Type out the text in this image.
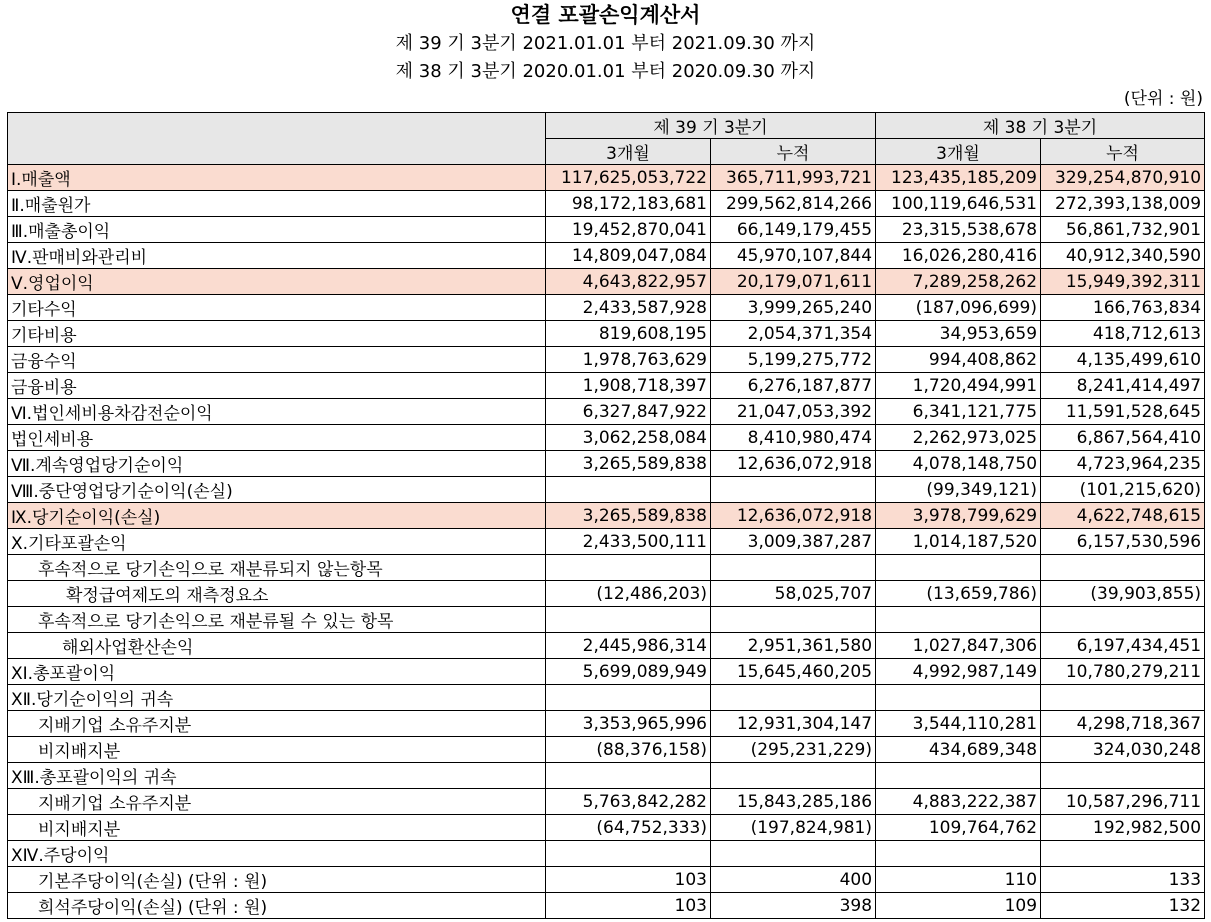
연결 포괄손익계산서
제 39 기 3분기 2021.01.01 부터 2021.09.30 까지
제 38 기 3분기 2020.01.01 부터 2020.09.30 까지
(단위 : 원)
	제 39 기 3분기		제 38 기 3분기	
	3개월	누적	3개월	누적
Ⅰ.매출액	117,625,053,722	365,711,993,721	123,435,185,209	329,254,870,910
Ⅱ.매출원가	98,172,183,681	299,562,814,266	100,119,646,531	272,393,138,009
Ⅲ.매출총이익	19,452,870,041	66,149,179,455	23,315,538,678	56,861,732,901
Ⅳ.판매비와관리비	14,809,047,084	45,970,107,844	16,026,280,416	40,912,340,590
Ⅴ.영업이익	4,643,822,957	20,179,071,611	7,289,258,262	15,949,392,311
기타수익	2,433,587,928	3,999,265,240	(187,096,699)	166,763,834
기타비용	819,608,195	2,054,371,354	34,953,659	418,712,613
금융수익	1,978,763,629	5,199,275,772	994,408,862	4,135,499,610
금융비용	1,908,718,397	6,276,187,877	1,720,494,991	8,241,414,497
Ⅵ.법인세비용차감전순이익	6,327,847,922	21,047,053,392	6,341,121,775	11,591,528,645
법인세비용	3,062,258,084	8,410,980,474	2,262,973,025	6,867,564,410
Ⅶ.계속영업당기순이익	3,265,589,838	12,636,072,918	4,078,148,750	4,723,964,235
Ⅷ.중단영업당기순이익(손실)			(99,349,121)	(101,215,620)
Ⅸ.당기순이익(손실)	3,265,589,838	12,636,072,918	3,978,799,629	4,622,748,615
Ⅹ.기타포괄손익	2,433,500,111	3,009,387,287	1,014,187,520	6,157,530,596
후속적으로 당기손익으로 재분류되지 않는항목				
확정급여제도의 재측정요소	(12,486,203)	58,025,707	(13,659,786)	(39,903,855)
후속적으로 당기손익으로 재분류될 수 있는 항목				
해외사업환산손익	2,445,986,314	2,951,361,580	1,027,847,306	6,197,434,451
ⅩⅠ.총포괄이익	5,699,089,949	15,645,460,205	4,992,987,149	10,780,279,211
ⅩⅡ.당기순이익의 귀속				
지배기업 소유주지분	3,353,965,996	12,931,304,147	3,544,110,281	4,298,718,367
비지배지분	(88,376,158)	(295,231,229)	434,689,348	324,030,248
ⅩⅢ.총포괄이익의 귀속				
지배기업 소유주지분	5,763,842,282	15,843,285,186	4,883,222,387	10,587,296,711
비지배지분	(64,752,333)	(197,824,981)	109,764,762	192,982,500
ⅩⅣ.주당이익				
기본주당이익(손실) (단위 : 원)	103	400	110	133
희석주당이익(손실) (단위 : 원)	103	398	109	132
